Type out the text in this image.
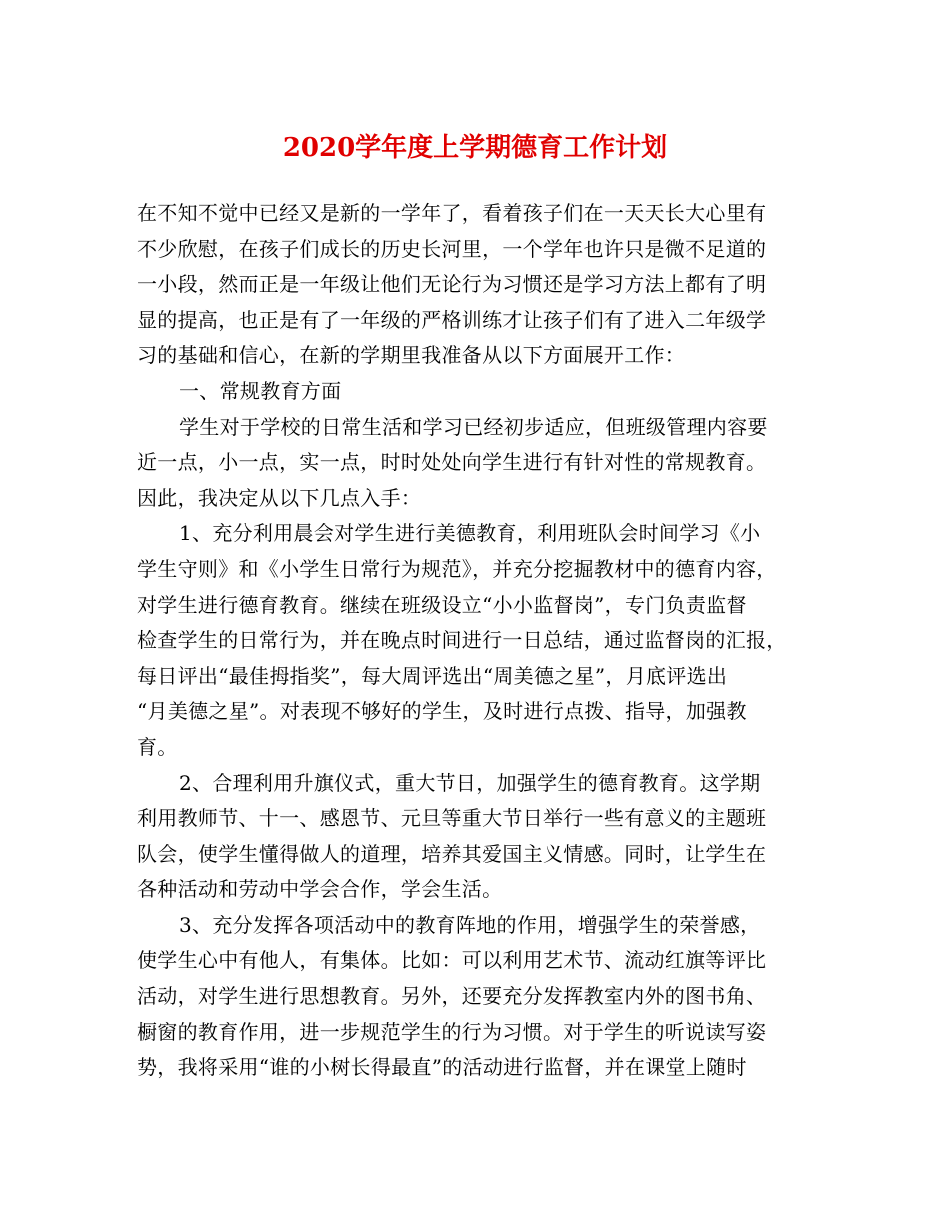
2020学年度上学期德育工作计划
在不知不觉中已经又是新的一学年了，看着孩子们在一天天长大心里有
不少欣慰，在孩子们成长的历史长河里，一个学年也许只是微不足道的
一小段，然而正是一年级让他们无论行为习惯还是学习方法上都有了明
显的提高，也正是有了一年级的严格训练才让孩子们有了进入二年级学
习的基础和信心，在新的学期里我准备从以下方面展开工作：
一、常规教育方面
学生对于学校的日常生活和学习已经初步适应，但班级管理内容要
近一点，小一点，实一点，时时处处向学生进行有针对性的常规教育。
因此，我决定从以下几点入手：
1、充分利用晨会对学生进行美德教育，利用班队会时间学习《小
学生守则》和《小学生日常行为规范》，并充分挖掘教材中的德育内容，
对学生进行德育教育。继续在班级设立“小小监督岗”，专门负责监督
检查学生的日常行为，并在晚点时间进行一日总结，通过监督岗的汇报，
每日评出“最佳拇指奖”，每大周评选出“周美德之星”，月底评选出
“月美德之星”。对表现不够好的学生，及时进行点拨、指导，加强教
育。
2、合理利用升旗仪式，重大节日，加强学生的德育教育。这学期
利用教师节、十一、感恩节、元旦等重大节日举行一些有意义的主题班
队会，使学生懂得做人的道理，培养其爱国主义情感。同时，让学生在
各种活动和劳动中学会合作，学会生活。
3、充分发挥各项活动中的教育阵地的作用，增强学生的荣誉感，
使学生心中有他人，有集体。比如：可以利用艺术节、流动红旗等评比
活动，对学生进行思想教育。另外，还要充分发挥教室内外的图书角、
橱窗的教育作用，进一步规范学生的行为习惯。对于学生的听说读写姿
势，我将采用“谁的小树长得最直”的活动进行监督，并在课堂上随时
